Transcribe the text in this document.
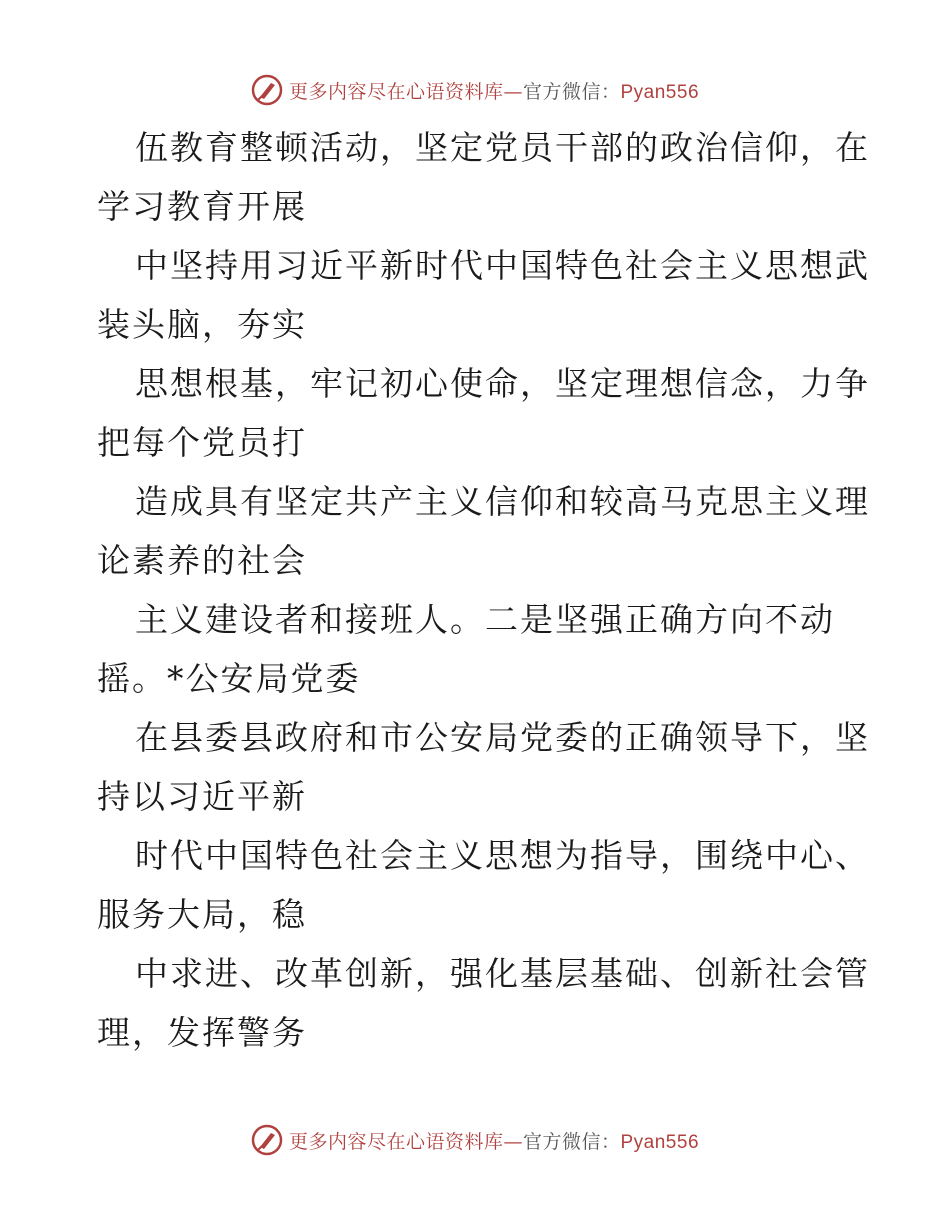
更多内容尽在心语资料库—官方微信：Pyan556
伍教育整顿活动，坚定党员干部的政治信仰，在
学习教育开展
中坚持用习近平新时代中国特色社会主义思想武
装头脑，夯实
思想根基，牢记初心使命，坚定理想信念，力争
把每个党员打
造成具有坚定共产主义信仰和较高马克思主义理
论素养的社会
主义建设者和接班人。二是坚强正确方向不动
摇。*公安局党委
在县委县政府和市公安局党委的正确领导下，坚
持以习近平新
时代中国特色社会主义思想为指导，围绕中心、
服务大局，稳
中求进、改革创新，强化基层基础、创新社会管
理，发挥警务
更多内容尽在心语资料库—官方微信：Pyan556
